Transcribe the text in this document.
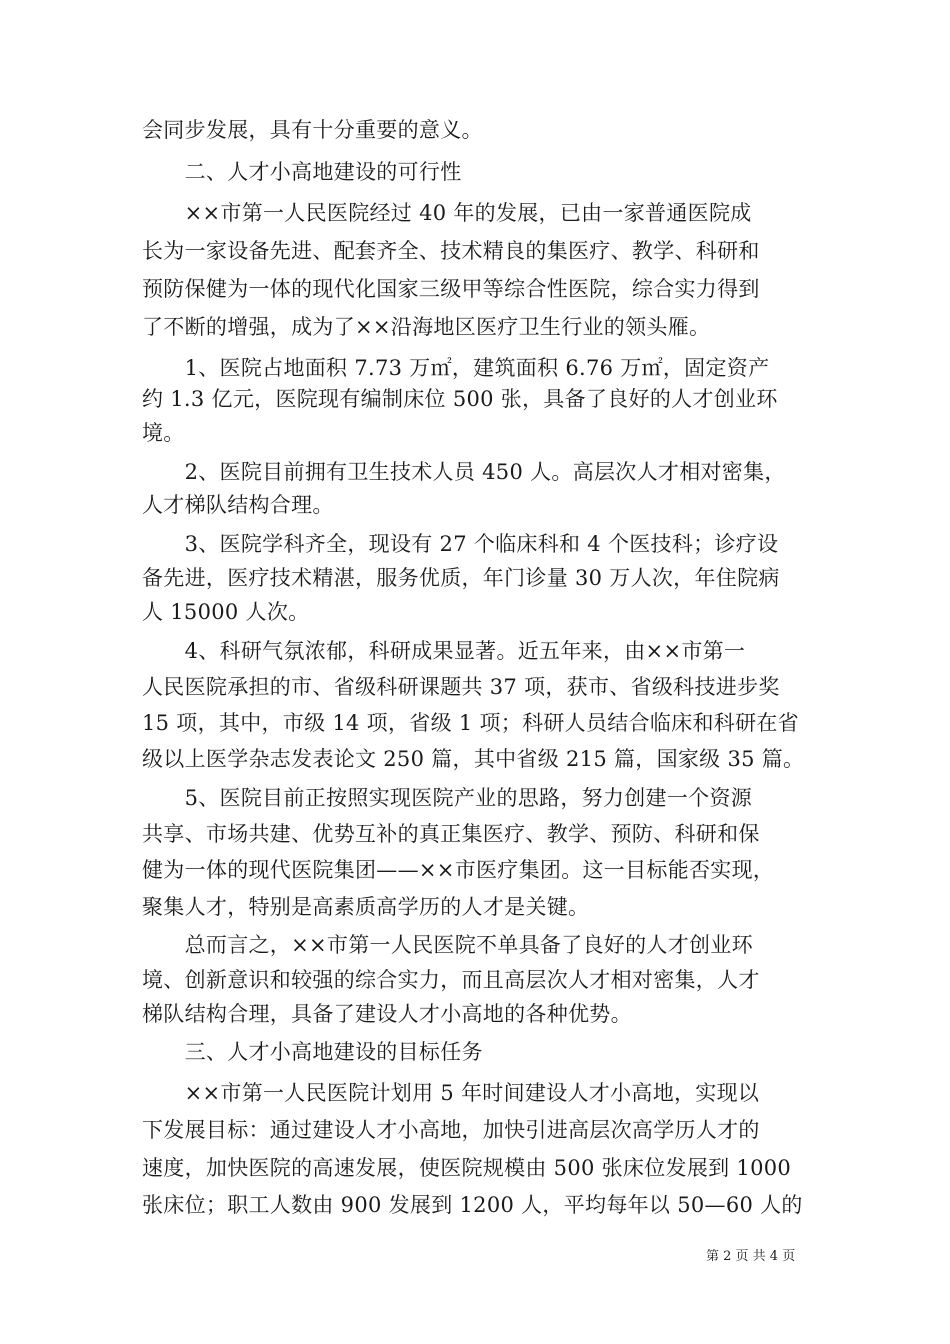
会同步发展，具有十分重要的意义。
　　二、人才小高地建设的可行性
　　××市第一人民医院经过 40 年的发展，已由一家普通医院成
长为一家设备先进、配套齐全、技术精良的集医疗、教学、科研和
预防保健为一体的现代化国家三级甲等综合性医院，综合实力得到
了不断的增强，成为了××沿海地区医疗卫生行业的领头雁。
　　1、医院占地面积 7.73 万㎡，建筑面积 6.76 万㎡，固定资产
约 1.3 亿元，医院现有编制床位 500 张，具备了良好的人才创业环
境。
　　2、医院目前拥有卫生技术人员 450 人。高层次人才相对密集，
人才梯队结构合理。
　　3、医院学科齐全，现设有 27 个临床科和 4 个医技科；诊疗设
备先进，医疗技术精湛，服务优质，年门诊量 30 万人次，年住院病
人 15000 人次。
　　4、科研气氛浓郁，科研成果显著。近五年来，由××市第一
人民医院承担的市、省级科研课题共 37 项，获市、省级科技进步奖
15 项，其中，市级 14 项，省级 1 项；科研人员结合临床和科研在省
级以上医学杂志发表论文 250 篇，其中省级 215 篇，国家级 35 篇。
　　5、医院目前正按照实现医院产业的思路，努力创建一个资源
共享、市场共建、优势互补的真正集医疗、教学、预防、科研和保
健为一体的现代医院集团——××市医疗集团。这一目标能否实现，
聚集人才，特别是高素质高学历的人才是关键。
　　总而言之，××市第一人民医院不单具备了良好的人才创业环
境、创新意识和较强的综合实力，而且高层次人才相对密集，人才
梯队结构合理，具备了建设人才小高地的各种优势。
　　三、人才小高地建设的目标任务
　　××市第一人民医院计划用 5 年时间建设人才小高地，实现以
下发展目标：通过建设人才小高地，加快引进高层次高学历人才的
速度，加快医院的高速发展，使医院规模由 500 张床位发展到 1000
张床位；职工人数由 900 发展到 1200 人，平均每年以 50—60 人的
第 2 页 共 4 页
